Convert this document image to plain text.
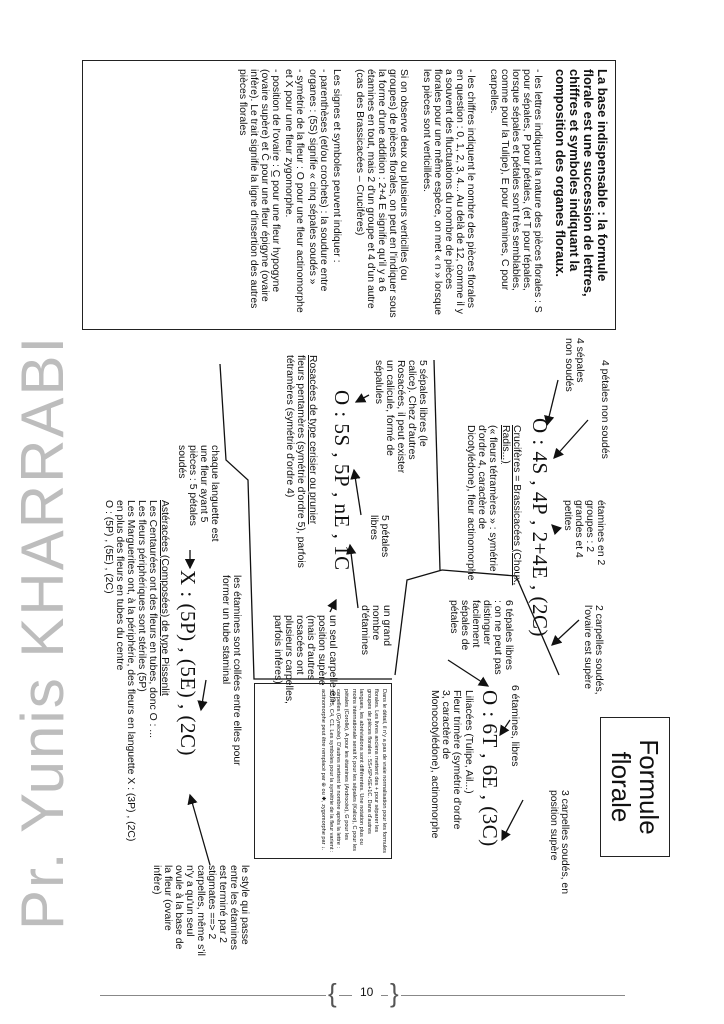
La base indispensable : la formule florale est une succession de lettres, chiffres et symboles indiquant la composition des organes floraux.
- les lettres indiquent la nature des pièces florales : S pour sépales, P pour pétales, (et T pour tépales, lorsque sépales et pétales sont très semblables, comme pour la Tulipe), E pour étamines, C pour carpelles.
- les chiffres indiquent le nombre des pièces florales en question : 0, 1, 2, 3, 4... Au delà de 12, comme il y a souvent des fluctuations du nombre de pièces florales pour une même espèce, on met « n » lorsque les pièces sont verticillées.
Si on observe deux ou plusieurs verticilles (ou groupes) de pièces florales, on peut en l'indiquer sous la forme d'une addition : 2+4 E signifie qu'il y a 6 étamines en tout, mais 2 d'un groupe et 4 d'un autre (cas des Brassicacées – Crucifères)
Les signes et symboles peuvent indiquer :
- parenthèses (et/ou crochets) : la soudure entre organes : (5S) signifie « cinq sépales soudés »
- symétrie de la fleur : O pour une fleur actinomorphe et X pour une fleur zygomorphe.
- position de l'ovaire : C̲ pour une fleur hypogyne (ovaire supère) et C̄ pour une fleur épigyne (ovaire infère). Le trait signifie la ligne d'insertion des autres pièces florales
4 pétales non soudés
4 sépales non soudés
O : 4S , 4P , 2+4E , (2C)	étamines en 2 groupes : 2 grandes et 4 petites
2 carpelles soudés, l'ovaire est supère
Crucifères = Brassicacées (Choux, Radis...)
(« fleurs tétramères » : symétrie d'ordre 4, caractère de Dicotylédone), fleur actinomorphe
5 sépales libres (le calice). Chez d'autres Rosacées, il peut exister un calicule, formé de sépalules
O : 5S , 5P , nE , 1C	5 pétales libres
un grand nombre d'étamines
un seul carpelle en position supère (mais d'autres rosacées ont plusieurs carpelles, parfois infères)
Rosacées de type cerisier ou prunier
fleurs pentamères (symétrie d'ordre 5), parfois tétramères (symétrie d'ordre 4)
6 tépales libres : on ne peut pas distinguer facilement sépales de pétales
6 étamines, libres
O : 6T , 6E , (3C)	3 carpelles soudés, en position supère
Liliacées (Tulipe, Ail...)
Fleur trimère (symétrie d'ordre 3, caractère de Monocotylédone), actinomorphe	Formule florale
Dans le détail, il n'y a pas de vraie normalisation pour les formules florales. Les livres anciens mettent des + pour séparer les groupes de pièces florales : 5S+5P+5E+1C. Dans d'autres langues, les abréviations sont différentes. Une notation plus ou moins internationale serait K pour les sépales (Kalice), C pour les pétales (Corolle), A pour les étamines (Androcée), G pour les carpelles (Gynécée). D'autres mettent le nombre après la lettre : S5, P5, C4, C1. Les symboles pour la symétrie de la fleur varient : actinomorphe peut être remplacé par ⊕ ou ✱, zygomorphe par ↓.
chaque languette est une fleur ayant 5 pièces : 5 pétales soudés
X : (5P) , (5E) , (2C)	les étamines sont collées entre elles pour former un tube staminal
le style qui passe entre les étamines est terminé par 2 stigmates ==> 2 carpelles, même s'il n'y a qu'un seul ovule à la base de la fleur (ovaire infère)
Astéracées (Composées) de type Pissenlit
Les Centaurées ont des fleurs en tubes, donc O : ...
Les fleurs périphériques sont stériles (5P)
Les Marguerites ont, à la périphérie, des fleurs en languette X : (3P) , (2C)
en plus des fleurs en tubes du centre
O : (5P) , (5E) , (2C)
Pr. Yunis KHARRABI
{	10 }
